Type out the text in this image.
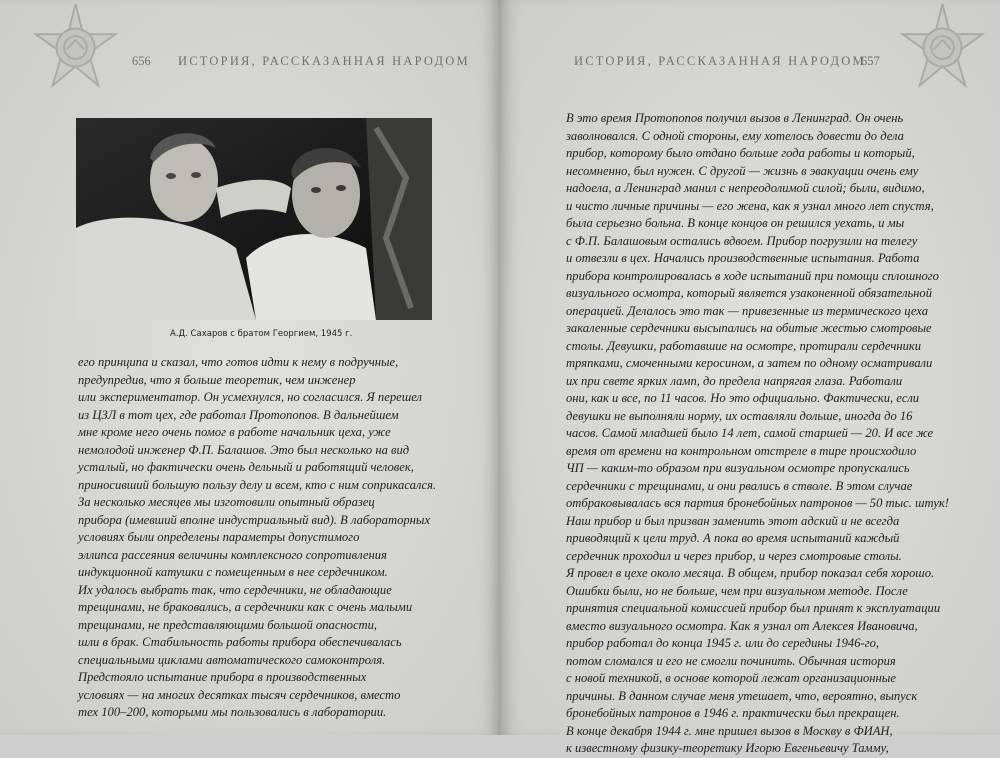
656 ИСТОРИЯ, РАССКАЗАННАЯ НАРОДОМ
А.Д. Сахаров с братом Георгием, 1945 г.
его принципа и сказал, что готов идти к нему в подручные,
предупредив, что я больше теоретик, чем инженер
или экспериментатор. Он усмехнулся, но согласился. Я перешел
из ЦЗЛ в тот цех, где работал Протопопов. В дальнейшем
мне кроме него очень помог в работе начальник цеха, уже
немолодой инженер Ф.П. Балашов. Это был несколько на вид
усталый, но фактически очень дельный и работящий человек,
приносивший большую пользу делу и всем, кто с ним соприкасался.
За несколько месяцев мы изготовили опытный образец
прибора (имевший вполне индустриальный вид). В лабораторных
условиях были определены параметры допустимого
эллипса рассеяния величины комплексного сопротивления
индукционной катушки с помещенным в нее сердечником.
Их удалось выбрать так, что сердечники, не обладающие
трещинами, не браковались, а сердечники как с очень малыми
трещинами, не представляющими большой опасности,
шли в брак. Стабильность работы прибора обеспечивалась
специальными циклами автоматического самоконтроля.
Предстояло испытание прибора в производственных
условиях — на многих десятках тысяч сердечников, вместо
тех 100–200, которыми мы пользовались в лаборатории.
ИСТОРИЯ, РАССКАЗАННАЯ НАРОДОМ
657
В это время Протопопов получил вызов в Ленинград. Он очень
заволновался. С одной стороны, ему хотелось довести до дела
прибор, которому было отдано больше года работы и который,
несомненно, был нужен. С другой — жизнь в эвакуации очень ему
надоела, а Ленинград манил с непреодолимой силой; были, видимо,
и чисто личные причины — его жена, как я узнал много лет спустя,
была серьезно больна. В конце концов он решился уехать, и мы
с Ф.П. Балашовым остались вдвоем. Прибор погрузили на телегу
и отвезли в цех. Начались производственные испытания. Работа
прибора контролировалась в ходе испытаний при помощи сплошного
визуального осмотра, который является узаконенной обязательной
операцией. Делалось это так — привезенные из термического цеха
закаленные сердечники высыпались на обитые жестью смотровые
столы. Девушки, работавшие на осмотре, протирали сердечники
тряпками, смоченными керосином, а затем по одному осматривали
их при свете ярких ламп, до предела напрягая глаза. Работали
они, как и все, по 11 часов. Но это официально. Фактически, если
девушки не выполняли норму, их оставляли дольше, иногда до 16
часов. Самой младшей было 14 лет, самой старшей — 20. И все же
время от времени на контрольном отстреле в тире происходило
ЧП — каким-то образом при визуальном осмотре пропускались
сердечники с трещинами, и они рвались в стволе. В этом случае
отбраковывалась вся партия бронебойных патронов — 50 тыс. штук!
Наш прибор и был призван заменить этот адский и не всегда
приводящий к цели труд. А пока во время испытаний каждый
сердечник проходил и через прибор, и через смотровые столы.
Я провел в цехе около месяца. В общем, прибор показал себя хорошо.
Ошибки были, но не больше, чем при визуальном методе. После
принятия специальной комиссией прибор был принят к эксплуатации
вместо визуального осмотра. Как я узнал от Алексея Ивановича,
прибор работал до конца 1945 г. или до середины 1946-го,
потом сломался и его не смогли починить. Обычная история
с новой техникой, в основе которой лежат организационные
причины. В данном случае меня утешает, что, вероятно, выпуск
бронебойных патронов в 1946 г. практически был прекращен.
В конце декабря 1944 г. мне пришел вызов в Москву в ФИАН,
к известному физику-теоретику Игорю Евгеньевичу Тамму,
